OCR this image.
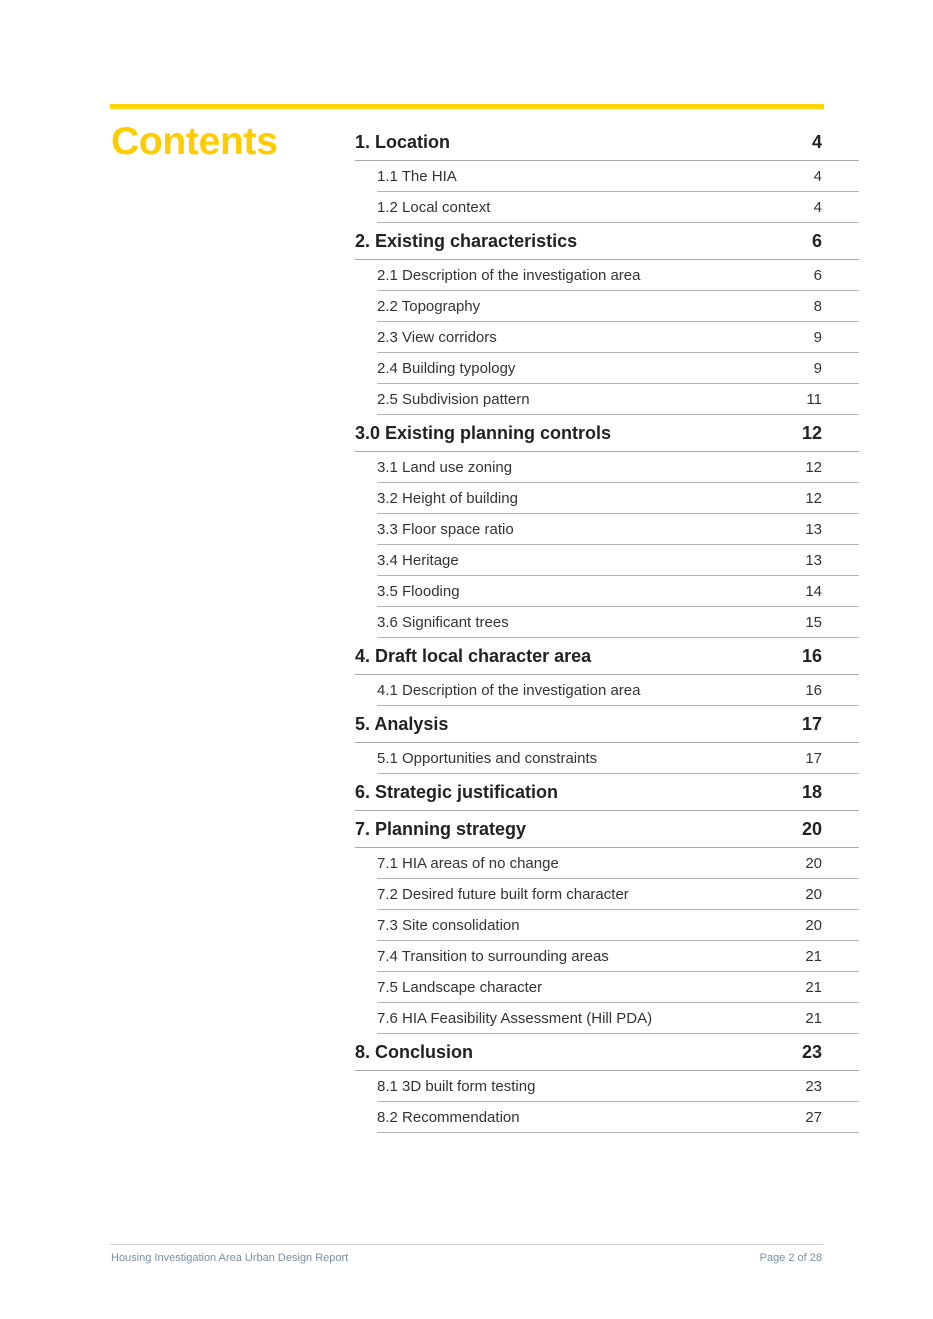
Contents	1. Location	4
1.1 The HIA	4
1.2 Local context	4
2. Existing characteristics	6
2.1 Description of the investigation area	6
2.2 Topography	8
2.3 View corridors	9
2.4 Building typology	9
2.5 Subdivision pattern	11
3.0 Existing planning controls	12
3.1 Land use zoning	12
3.2 Height of building	12
3.3 Floor space ratio	13
3.4 Heritage	13
3.5 Flooding	14
3.6 Significant trees	15
4. Draft local character area	16
4.1 Description of the investigation area	16
5. Analysis	17
5.1 Opportunities and constraints	17
6. Strategic justification	18
7. Planning strategy	20
7.1 HIA areas of no change	20
7.2 Desired future built form character	20
7.3 Site consolidation	20
7.4 Transition to surrounding areas	21
7.5 Landscape character	21
7.6 HIA Feasibility Assessment (Hill PDA)	21
8. Conclusion	23
8.1 3D built form testing	23
8.2 Recommendation	27
Housing Investigation Area Urban Design Report	Page 2 of 28
